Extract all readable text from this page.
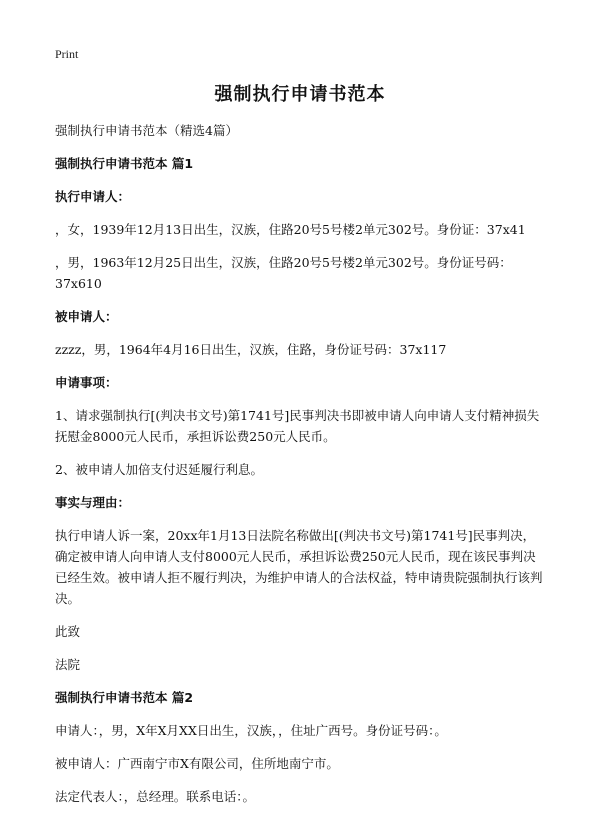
Print
强制执行申请书范本

强制执行申请书范本（精选4篇）

强制执行申请书范本 篇1

执行申请人：

，女，1939年12月13日出生，汉族，住路20号5号楼2单元302号。身份证：37x41

，男，1963年12月25日出生，汉族，住路20号5号楼2单元302号。身份证号码：37x610

被申请人：

zzzz，男，1964年4月16日出生，汉族，住路，身份证号码：37x117

申请事项：

1、请求强制执行[(判决书文号)第1741号]民事判决书即被申请人向申请人支付精神损失抚慰金8000元人民币，承担诉讼费250元人民币。

2、被申请人加倍支付迟延履行利息。

事实与理由：

执行申请人诉一案，20xx年1月13日法院名称做出[(判决书文号)第1741号]民事判决，确定被申请人向申请人支付8000元人民币，承担诉讼费250元人民币，现在该民事判决已经生效。被申请人拒不履行判决，为维护申请人的合法权益，特申请贵院强制执行该判决。

此致

法院

强制执行申请书范本 篇2

申请人：，男，X年X月XX日出生，汉族，，住址广西号。身份证号码：。

被申请人：广西南宁市X有限公司，住所地南宁市。

法定代表人：，总经理。联系电话：。
